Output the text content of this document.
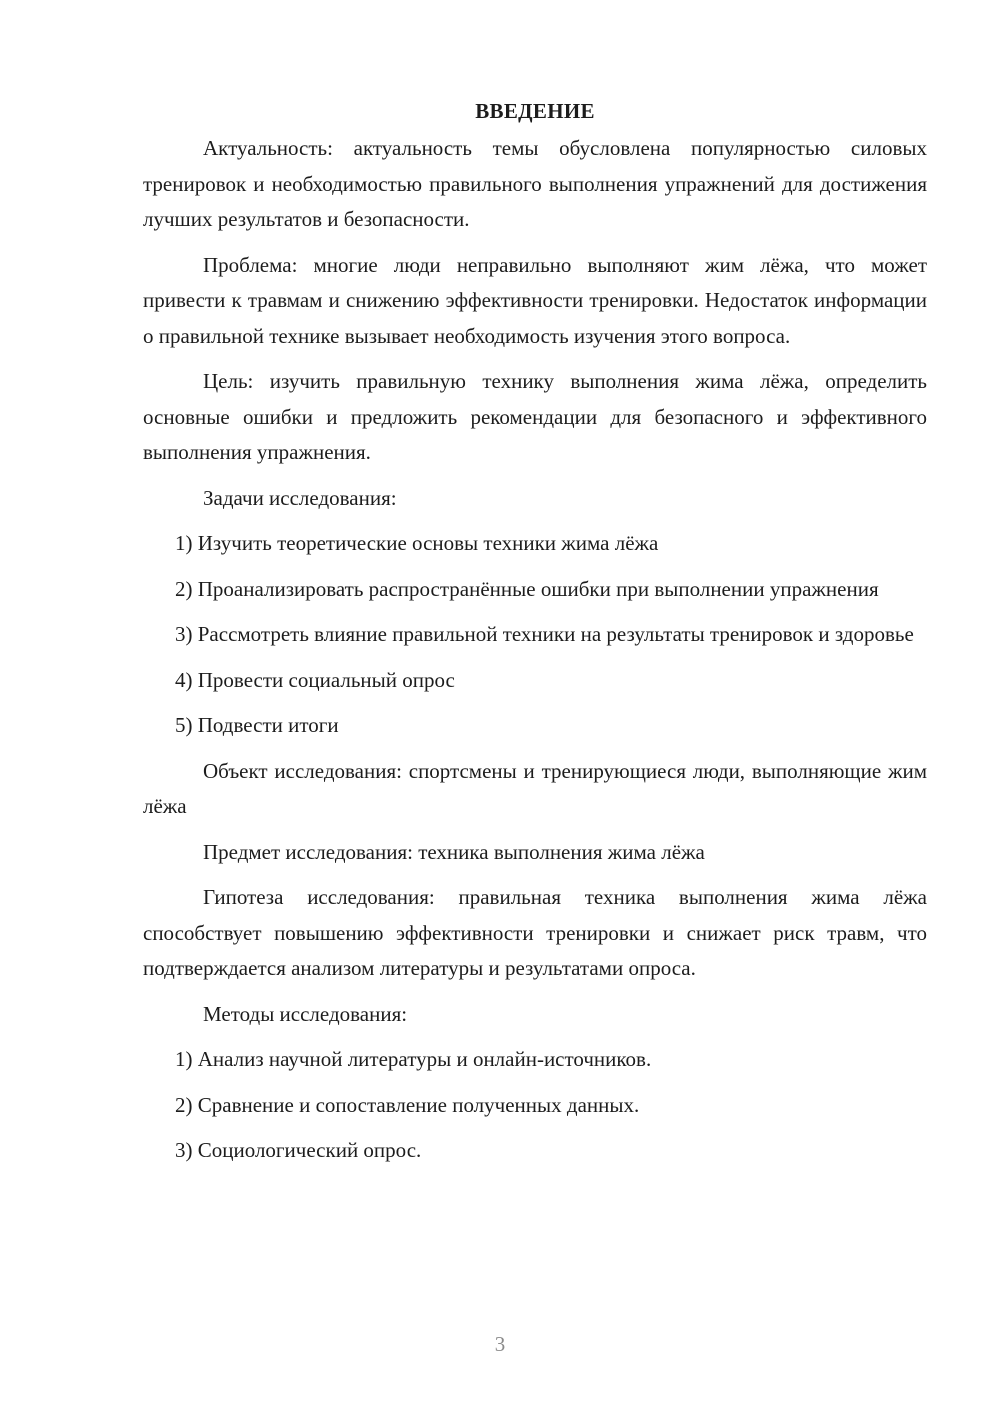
ВВЕДЕНИЕ

Актуальность: актуальность темы обусловлена популярностью силовых тренировок и необходимостью правильного выполнения упражнений для достижения лучших результатов и безопасности.

Проблема: многие люди неправильно выполняют жим лёжа, что может привести к травмам и снижению эффективности тренировки. Недостаток информации о правильной технике вызывает необходимость изучения этого вопроса.

Цель: изучить правильную технику выполнения жима лёжа, определить основные ошибки и предложить рекомендации для безопасного и эффективного выполнения упражнения.

Задачи исследования:

1) Изучить теоретические основы техники жима лёжа

2) Проанализировать распространённые ошибки при выполнении упражнения

3) Рассмотреть влияние правильной техники на результаты тренировок и здоровье

4) Провести социальный опрос

5) Подвести итоги

Объект исследования: спортсмены и тренирующиеся люди, выполняющие жим лёжа

Предмет исследования: техника выполнения жима лёжа

Гипотеза исследования: правильная техника выполнения жима лёжа способствует повышению эффективности тренировки и снижает риск травм, что подтверждается анализом литературы и результатами опроса.

Методы исследования:

1) Анализ научной литературы и онлайн-источников.

2) Сравнение и сопоставление полученных данных.

3) Социологический опрос.

3
